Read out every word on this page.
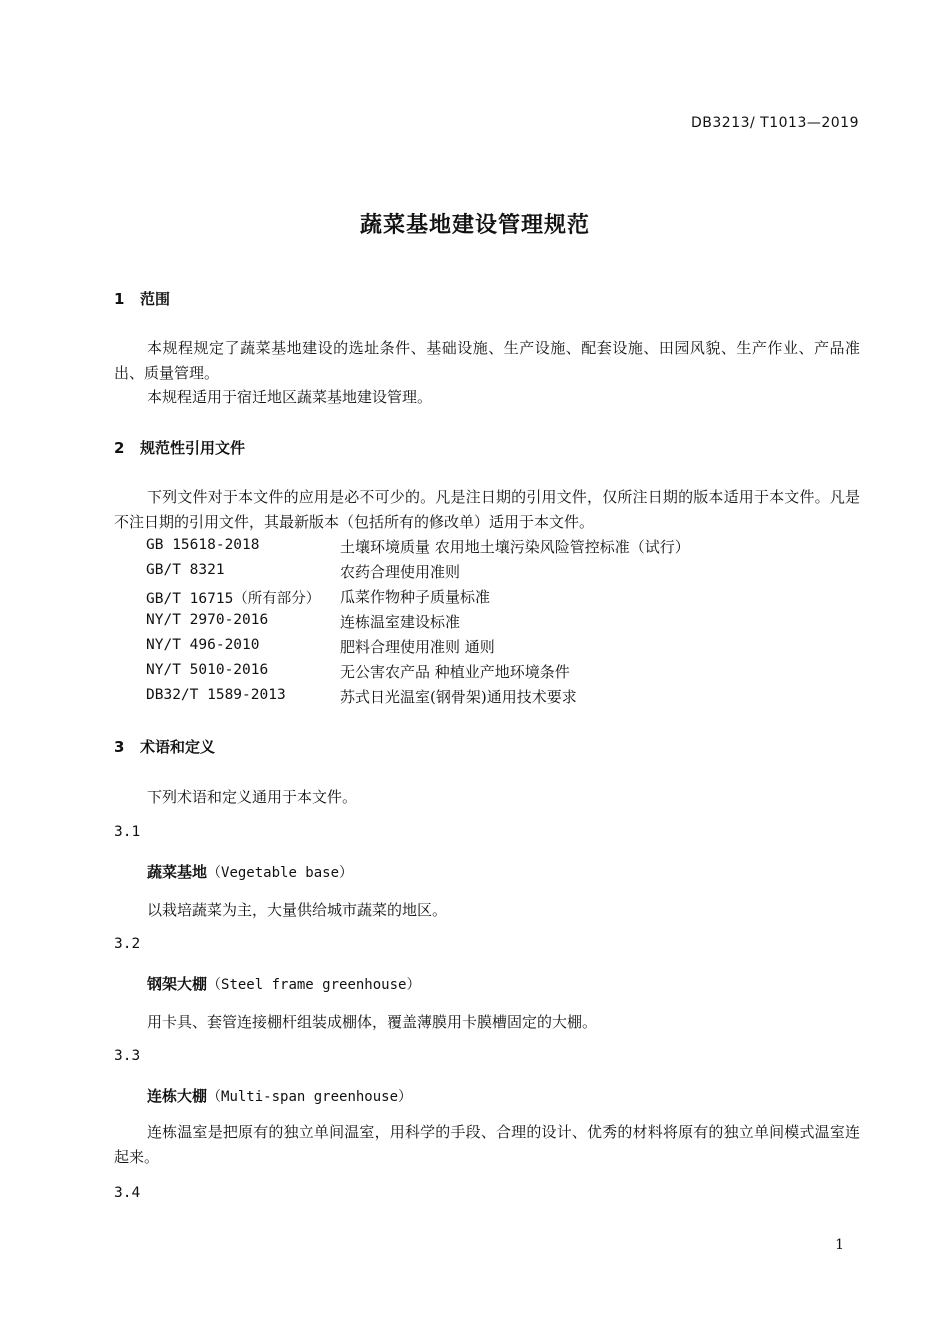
DB3213/ T1013—2019
蔬菜基地建设管理规范
1 范围

本规程规定了蔬菜基地建设的选址条件、基础设施、生产设施、配套设施、田园风貌、生产作业、产品准出、质量管理。

本规程适用于宿迁地区蔬菜基地建设管理。

2 规范性引用文件

下列文件对于本文件的应用是必不可少的。凡是注日期的引用文件，仅所注日期的版本适用于本文件。凡是不注日期的引用文件，其最新版本（包括所有的修改单）适用于本文件。

GB 15618-2018	土壤环境质量 农用地土壤污染风险管控标准（试行）
GB/T 8321	农药合理使用准则
GB/T 16715（所有部分） 瓜菜作物种子质量标准
NY/T 2970-2016	连栋温室建设标准
NY/T 496-2010	肥料合理使用准则 通则
NY/T 5010-2016	无公害农产品 种植业产地环境条件
DB32/T 1589-2013	苏式日光温室(钢骨架)通用技术要求
3 术语和定义
下列术语和定义通用于本文件。
3.1
蔬菜基地（Vegetable base）
以栽培蔬菜为主，大量供给城市蔬菜的地区。
3.2
钢架大棚（Steel frame greenhouse）
用卡具、套管连接棚杆组装成棚体，覆盖薄膜用卡膜槽固定的大棚。
3.3
连栋大棚（Multi-span greenhouse）

连栋温室是把原有的独立单间温室，用科学的手段、合理的设计、优秀的材料将原有的独立单间模式温室连起来。

3.4
1
